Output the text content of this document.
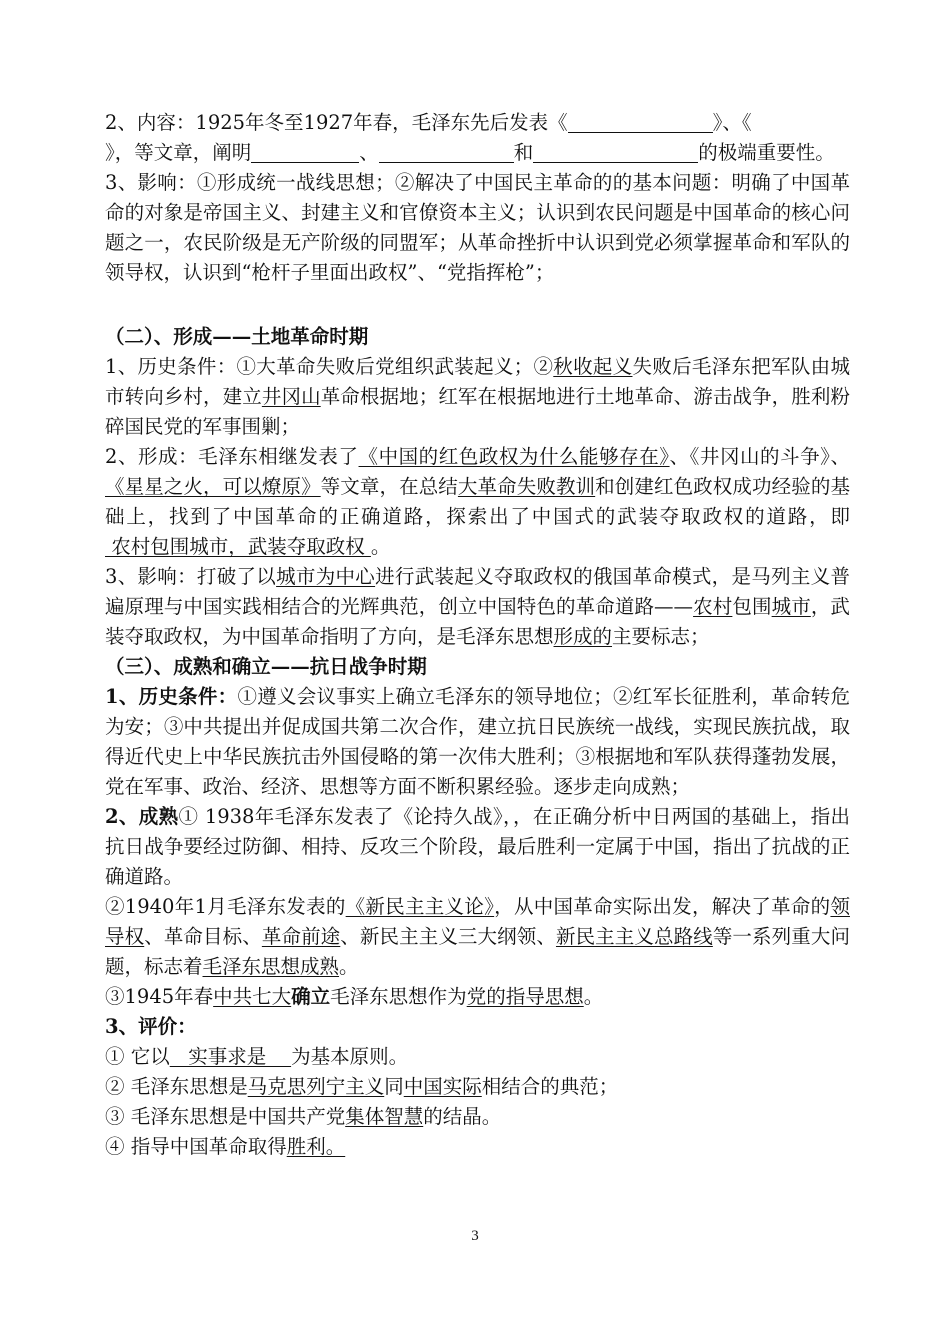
2、内容：1925年冬至1927年春，毛泽东先后发表《	》、《
》，等文章，阐明	、	和	的极端重要性。

3、影响：①形成统一战线思想；②解决了中国民主革命的的基本问题：明确了中国革命的对象是帝国主义、封建主义和官僚资本主义；认识到农民问题是中国革命的核心问题之一，农民阶级是无产阶级的同盟军；从革命挫折中认识到党必须掌握革命和军队的领导权，认识到“枪杆子里面出政权”、“党指挥枪”；

（二）、形成——土地革命时期

1、历史条件：①大革命失败后党组织武装起义；②秋收起义失败后毛泽东把军队由城市转向乡村，建立井冈山革命根据地；红军在根据地进行土地革命、游击战争，胜利粉碎国民党的军事围剿；

2、形成：毛泽东相继发表了《中国的红色政权为什么能够存在》、《井冈山的斗争》、《星星之火，可以燎原》等文章，在总结大革命失败教训和创建红色政权成功经验的基础上，找到了中国革命的正确道路，探索出了中国式的武装夺取政权的道路，即 农村包围城市，武装夺取政权 。

3、影响：打破了以城市为中心进行武装起义夺取政权的俄国革命模式，是马列主义普遍原理与中国实践相结合的光辉典范，创立中国特色的革命道路——农村包围城市，武装夺取政权，为中国革命指明了方向，是毛泽东思想形成的主要标志；

（三）、成熟和确立——抗日战争时期

1、历史条件：①遵义会议事实上确立毛泽东的领导地位；②红军长征胜利，革命转危为安；③中共提出并促成国共第二次合作，建立抗日民族统一战线，实现民族抗战，取得近代史上中华民族抗击外国侵略的第一次伟大胜利；③根据地和军队获得蓬勃发展，党在军事、政治、经济、思想等方面不断积累经验。逐步走向成熟；

2、成熟① 1938年毛泽东发表了《论持久战》，，在正确分析中日两国的基础上，指出抗日战争要经过防御、相持、反攻三个阶段，最后胜利一定属于中国，指出了抗战的正确道路。

②1940年1月毛泽东发表的《新民主主义论》，从中国革命实际出发，解决了革命的领导权、革命目标、革命前途、新民主主义三大纲领、新民主主义总路线等一系列重大问题，标志着毛泽东思想成熟。

③1945年春中共七大确立毛泽东思想作为党的指导思想。

3、评价：

① 它以   实事求是    为基本原则。

② 毛泽东思想是马克思列宁主义同中国实际相结合的典范；

③ 毛泽东思想是中国共产党集体智慧的结晶。

④ 指导中国革命取得胜利。

3
